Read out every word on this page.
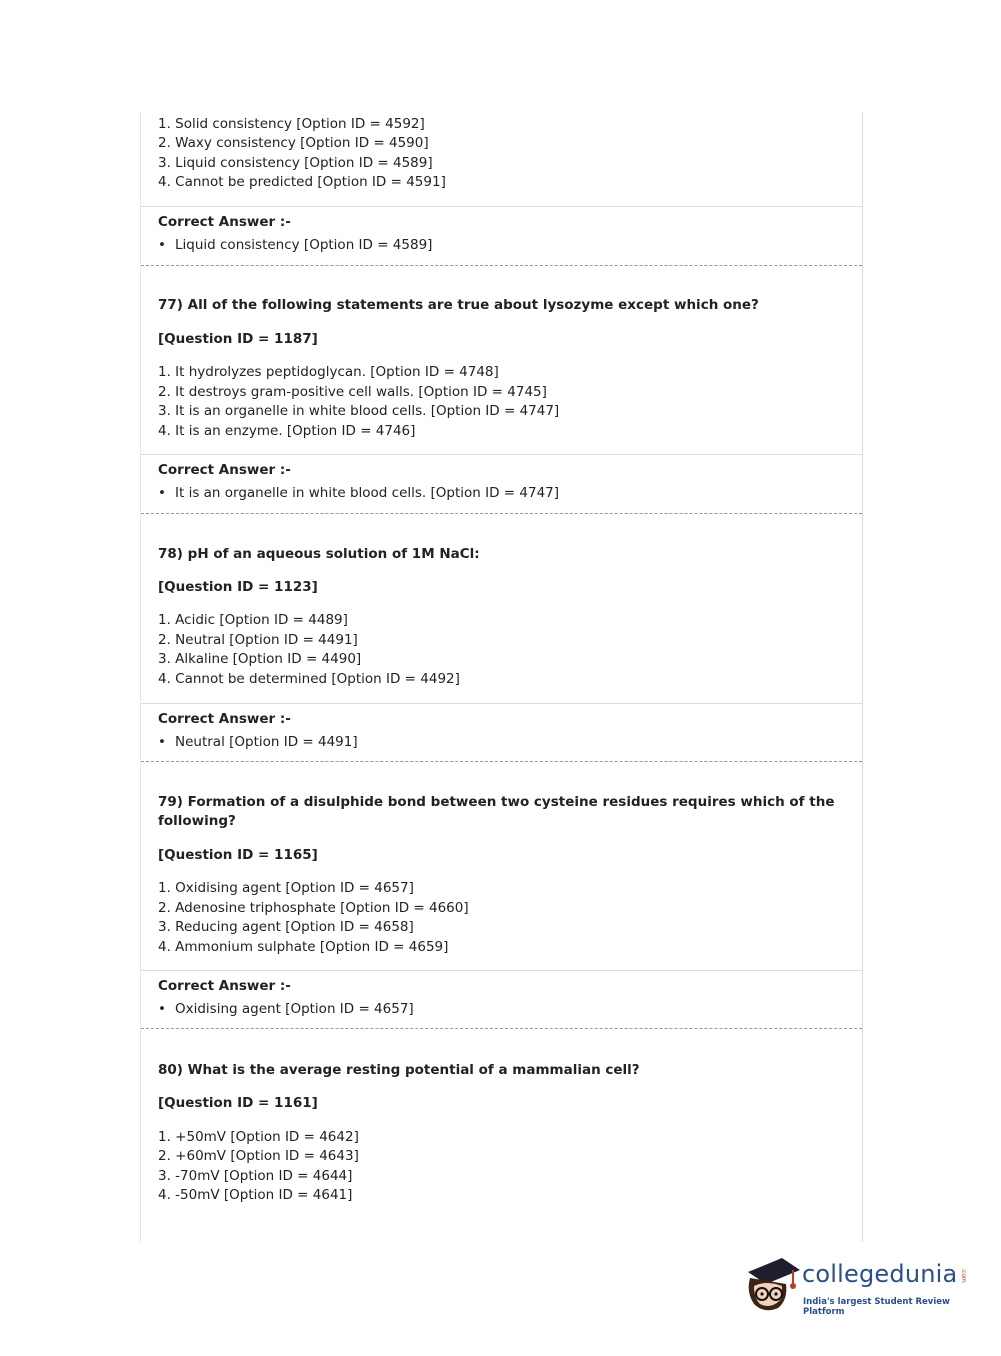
1. Solid consistency [Option ID = 4592]
2. Waxy consistency [Option ID = 4590]
3. Liquid consistency [Option ID = 4589]
4. Cannot be predicted [Option ID = 4591]
Correct Answer :-
• Liquid consistency [Option ID = 4589]
77) All of the following statements are true about lysozyme except which one?
[Question ID = 1187]
1. It hydrolyzes peptidoglycan. [Option ID = 4748]
2. It destroys gram-positive cell walls. [Option ID = 4745]
3. It is an organelle in white blood cells. [Option ID = 4747]
4. It is an enzyme. [Option ID = 4746]
Correct Answer :-
• It is an organelle in white blood cells. [Option ID = 4747]
78) pH of an aqueous solution of 1M NaCl:
[Question ID = 1123]
1. Acidic [Option ID = 4489]
2. Neutral [Option ID = 4491]
3. Alkaline [Option ID = 4490]
4. Cannot be determined [Option ID = 4492]
Correct Answer :-
• Neutral [Option ID = 4491]
79) Formation of a disulphide bond between two cysteine residues requires which of the
following?
[Question ID = 1165]
1. Oxidising agent [Option ID = 4657]
2. Adenosine triphosphate [Option ID = 4660]
3. Reducing agent [Option ID = 4658]
4. Ammonium sulphate [Option ID = 4659]
Correct Answer :-
• Oxidising agent [Option ID = 4657]
80) What is the average resting potential of a mammalian cell?
[Question ID = 1161]
1. +50mV [Option ID = 4642]
2. +60mV [Option ID = 4643]
3. -70mV [Option ID = 4644]
4. -50mV [Option ID = 4641]
collegedunia .com
India's largest Student Review Platform
